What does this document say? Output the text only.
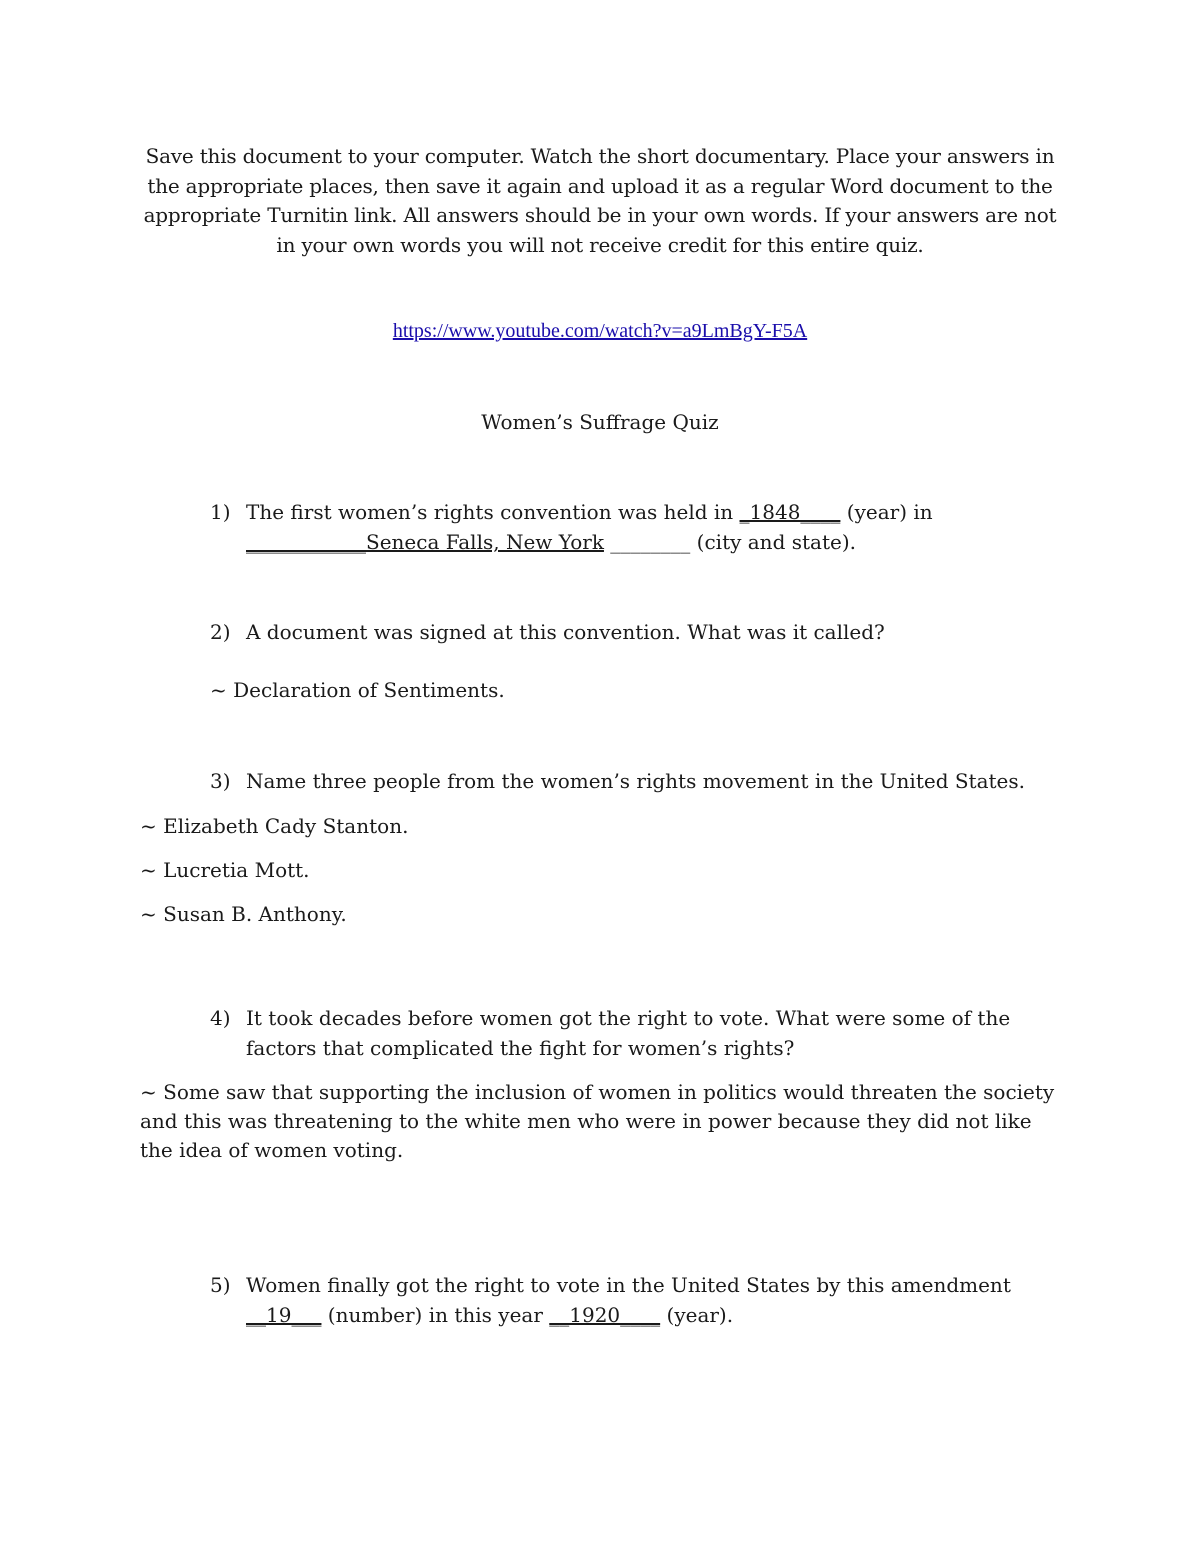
Save this document to your computer. Watch the short documentary. Place your answers in the appropriate places, then save it again and upload it as a regular Word document to the appropriate Turnitin link. All answers should be in your own words. If your answers are not in your own words you will not receive credit for this entire quiz.
https://www.youtube.com/watch?v=a9LmBgY-F5A
Women’s Suffrage Quiz
1) The first women’s rights convention was held in _1848____ (year) in
____________Seneca Falls, New York ________ (city and state).
2) A document was signed at this convention. What was it called?
~ Declaration of Sentiments.
3) Name three people from the women’s rights movement in the United States.
~ Elizabeth Cady Stanton.
~ Lucretia Mott.
~ Susan B. Anthony.
4) It took decades before women got the right to vote. What were some of the factors that complicated the fight for women’s rights?
~ Some saw that supporting the inclusion of women in politics would threaten the society and this was threatening to the white men who were in power because they did not like the idea of women voting.
5) Women finally got the right to vote in the United States by this amendment
__19___ (number) in this year __1920____ (year).
